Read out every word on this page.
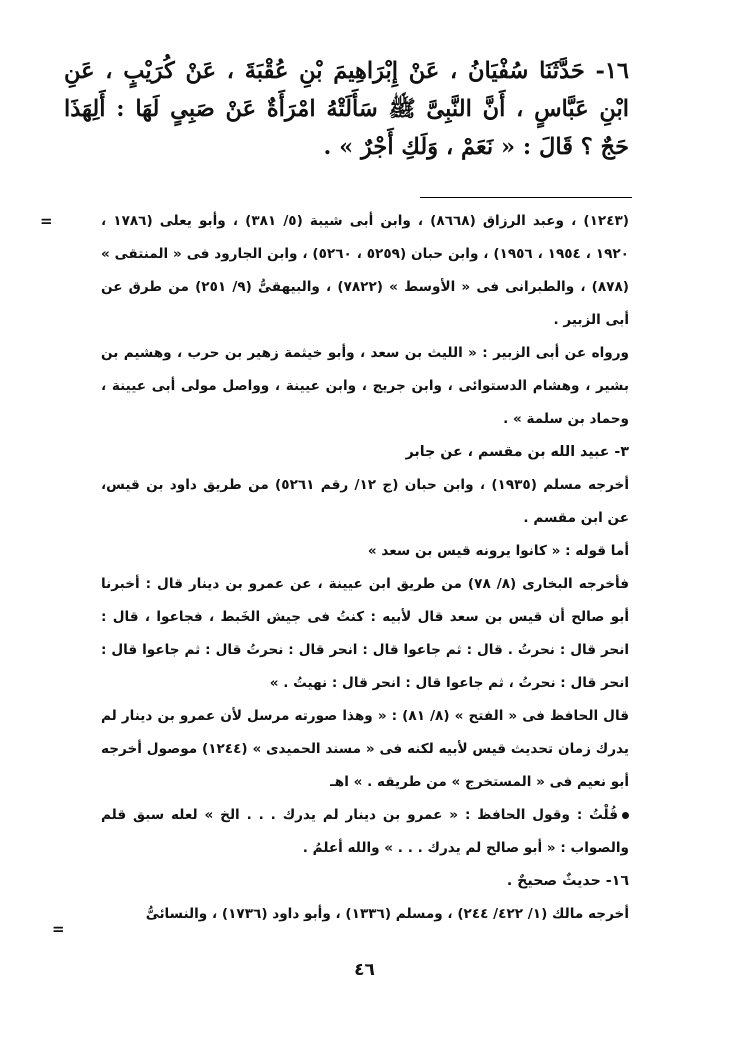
١٦- حَدَّثَنَا سُفْيَانُ ، عَنْ إِبْرَاهِيمَ بْنِ عُقْبَةَ ، عَنْ كُرَيْبٍ ، عَنِ ابْنِ عَبَّاسٍ ، أَنَّ النَّبِىَّ ﷺ سَأَلَتْهُ امْرَأَةٌ عَنْ صَبِىٍ لَهَا : أَلِهَذَا حَجٌ ؟ قَالَ : « نَعَمْ ، وَلَكِ أَجْرٌ » .

=	(١٢٤٣) ، وعبد الرزاق (٨٦٦٨) ، وابن أبى شيبة (٥/ ٣٨١) ، وأبو يعلى (١٧٨٦ ، ١٩٢٠ ، ١٩٥٤ ، ١٩٥٦) ، وابن حبان (٥٢٥٩ ، ٥٢٦٠) ، وابن الجارود فى « المنتقى » (٨٧٨) ، والطبرانى فى « الأوسط » (٧٨٢٢) ، والبيهقىُّ (٩/ ٢٥١) من طرق عن أبى الزبير .

ورواه عن أبى الزبير : « الليث بن سعد ، وأبو خيثمة زهير بن حرب ، وهشيم بن بشير ، وهشام الدستوائى ، وابن جريج ، وابن عيينة ، وواصل مولى أبى عيينة ، وحماد بن سلمة » .

٣- عبيد الله بن مقسم ، عن جابر

أخرجه مسلم (١٩٣٥) ، وابن حبان (ج ١٢/ رقم ٥٢٦١) من طريق داود بن قيس، عن ابن مقسم .

أما قوله : « كانوا يرونه قيس بن سعد »

فأخرجه البخارى (٨/ ٧٨) من طريق ابن عيينة ، عن عمرو بن دينار قال : أخبرنا أبو صالح أن قيس بن سعد قال لأبيه : كنتُ فى جيش الخَبط ، فجاعوا ، قال : انحر قال : نحرتُ . قال : ثم جاعوا قال : انحر قال : نحرتُ قال : ثم جاعوا قال : انحر قال : نحرتُ ، ثم جاعوا قال : انحر قال : نهيتُ . »

قال الحافظ فى « الفتح » (٨/ ٨١) : « وهذا صورته مرسل لأن عمرو بن دينار لم يدرك زمان تحديث قيس لأبيه لكنه فى « مسند الحميدى » (١٢٤٤) موصول أخرجه أبو نعيم فى « المستخرج » من طريقه . » اهـ

قُلْتُ : وقول الحافظ : « عمرو بن دينار لم يدرك . . . الخ » لعله سبق قلم والصواب : « أبو صالح لم يدرك . . . » والله أعلمُ .

١٦- حديثٌ صحيحٌ .

أخرجه مالك (١/ ٤٢٢/ ٢٤٤) ، ومسلم (١٣٣٦) ، وأبو داود (١٧٣٦) ، والنسائىُّ

=
٤٦
